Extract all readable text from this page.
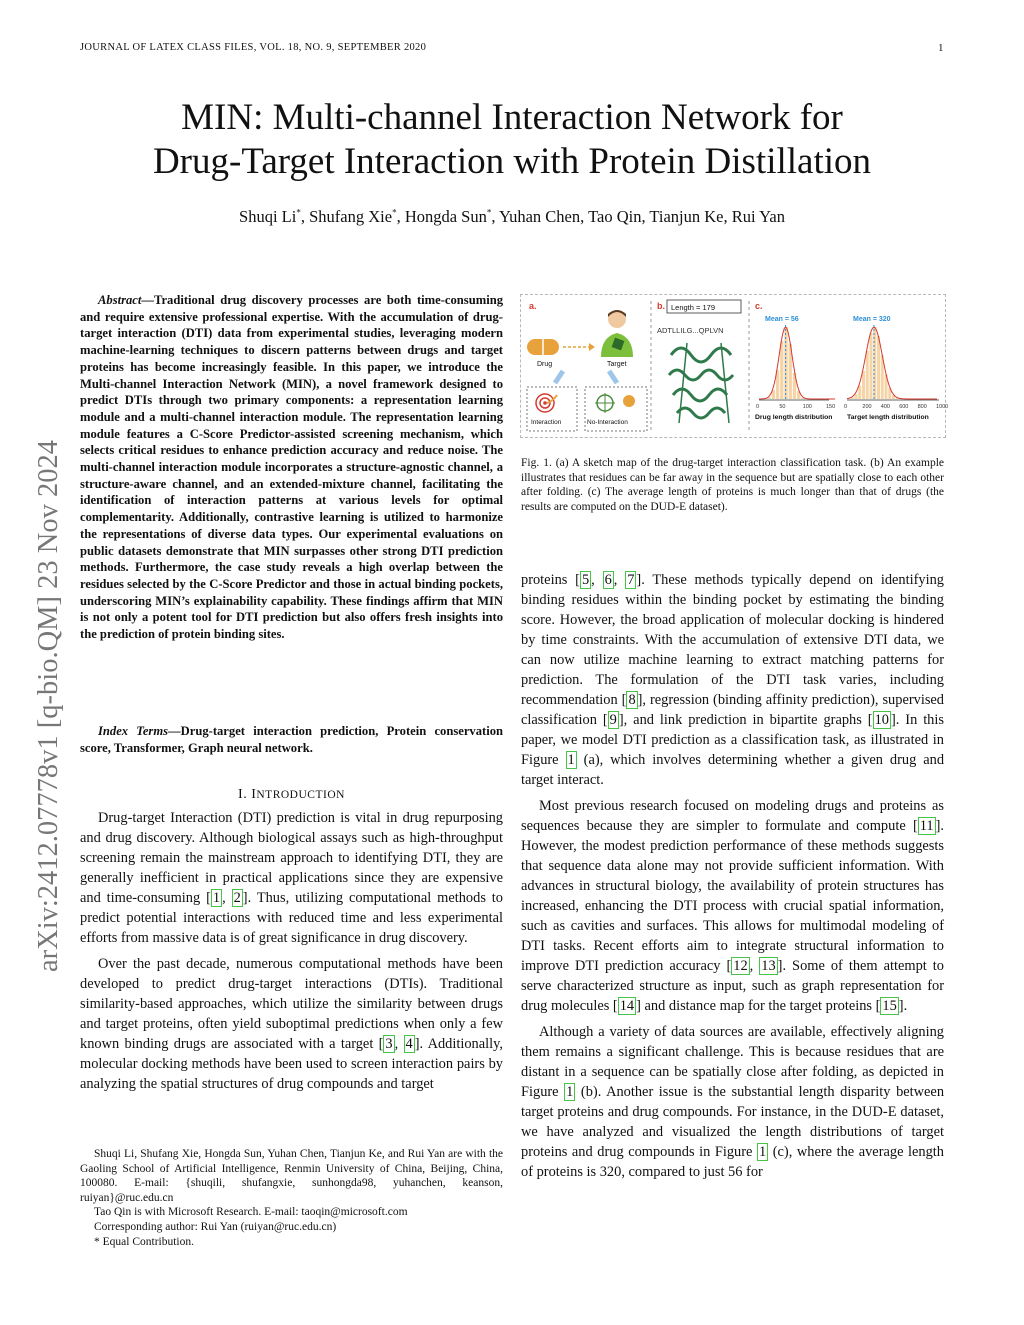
JOURNAL OF LATEX CLASS FILES, VOL. 18, NO. 9, SEPTEMBER 2020	1
arXiv:2412.07778v1 [q-bio.QM] 23 Nov 2024
MIN: Multi-channel Interaction Network for
Drug-Target Interaction with Protein Distillation
Shuqi Li*, Shufang Xie*, Hongda Sun*, Yuhan Chen, Tao Qin, Tianjun Ke, Rui Yan
Abstract—Traditional drug discovery processes are both time-consuming and require extensive professional expertise. With the accumulation of drug-target interaction (DTI) data from experimental studies, leveraging modern machine-learning techniques to discern patterns between drugs and target proteins has become increasingly feasible. In this paper, we introduce the Multi-channel Interaction Network (MIN), a novel framework designed to predict DTIs through two primary components: a representation learning module and a multi-channel interaction module. The representation learning module features a C-Score Predictor-assisted screening mechanism, which selects critical residues to enhance prediction accuracy and reduce noise. The multi-channel interaction module incorporates a structure-agnostic channel, a structure-aware channel, and an extended-mixture channel, facilitating the identification of interaction patterns at various levels for optimal complementarity. Additionally, contrastive learning is utilized to harmonize the representations of diverse data types. Our experimental evaluations on public datasets demonstrate that MIN surpasses other strong DTI prediction methods. Furthermore, the case study reveals a high overlap between the residues selected by the C-Score Predictor and those in actual binding pockets, underscoring MIN’s explainability capability. These findings affirm that MIN is not only a potent tool for DTI prediction but also offers fresh insights into the prediction of protein binding sites.
Index Terms—Drug-target interaction prediction, Protein conservation score, Transformer, Graph neural network.
I. INTRODUCTION

Drug-target Interaction (DTI) prediction is vital in drug repurposing and drug discovery. Although biological assays such as high-throughput screening remain the mainstream approach to identifying DTI, they are generally inefficient in practical applications since they are expensive and time-consuming [ 1 , 2 ]. Thus, utilizing computational methods to predict potential interactions with reduced time and less experimental efforts from massive data is of great significance in drug discovery.

Over the past decade, numerous computational methods have been developed to predict drug-target interactions (DTIs). Traditional similarity-based approaches, which utilize the similarity between drugs and target proteins, often yield suboptimal predictions when only a few known binding drugs are associated with a target [ 3 , 4 ]. Additionally, molecular docking methods have been used to screen interaction pairs by analyzing the spatial structures of drug compounds and target

Shuqi Li, Shufang Xie, Hongda Sun, Yuhan Chen, Tianjun Ke, and Rui Yan are with the Gaoling School of Artificial Intelligence, Renmin University of China, Beijing, China, 100080. E-mail: {shuqili, shufangxie, sunhongda98, yuhanchen, keanson, ruiyan}@ruc.edu.cn

Tao Qin is with Microsoft Research. E-mail: taoqin@microsoft.com

Corresponding author: Rui Yan (ruiyan@ruc.edu.cn)

* Equal Contribution.

a.
Drug	Target
Interaction	No-Interaction
b. Length = 179
ADTLLILG...QPLVN
c.
Mean = 56	Mean = 320
0	50	100	150 0	200 400 600 800 1000
Drug length distribution Target length distribution
Fig. 1. (a) A sketch map of the drug-target interaction classification task. (b) An example illustrates that residues can be far away in the sequence but are spatially close to each other after folding. (c) The average length of proteins is much longer than that of drugs (the results are computed on the DUD-E dataset).

proteins [ 5 , 6 , 7 ]. These methods typically depend on identifying binding residues within the binding pocket by estimating the binding score. However, the broad application of molecular docking is hindered by time constraints. With the accumulation of extensive DTI data, we can now utilize machine learning to extract matching patterns for prediction. The formulation of the DTI task varies, including recommendation [ 8 ], regression (binding affinity prediction), supervised classification [ 9 ], and link prediction in bipartite graphs [ 10 ]. In this paper, we model DTI prediction as a classification task, as illustrated in Figure 1 (a), which involves determining whether a given drug and target interact.

Most previous research focused on modeling drugs and proteins as sequences because they are simpler to formulate and compute [ 11 ]. However, the modest prediction performance of these methods suggests that sequence data alone may not provide sufficient information. With advances in structural biology, the availability of protein structures has increased, enhancing the DTI process with crucial spatial information, such as cavities and surfaces. This allows for multimodal modeling of DTI tasks. Recent efforts aim to integrate structural information to improve DTI prediction accuracy [ 12 , 13 ]. Some of them attempt to serve characterized structure as input, such as graph representation for drug molecules [ 14 ] and distance map for the target proteins [ 15 ].

Although a variety of data sources are available, effectively aligning them remains a significant challenge. This is because residues that are distant in a sequence can be spatially close after folding, as depicted in Figure 1 (b). Another issue is the substantial length disparity between target proteins and drug compounds. For instance, in the DUD-E dataset, we have analyzed and visualized the length distributions of target proteins and drug compounds in Figure 1 (c), where the average length of proteins is 320, compared to just 56 for
